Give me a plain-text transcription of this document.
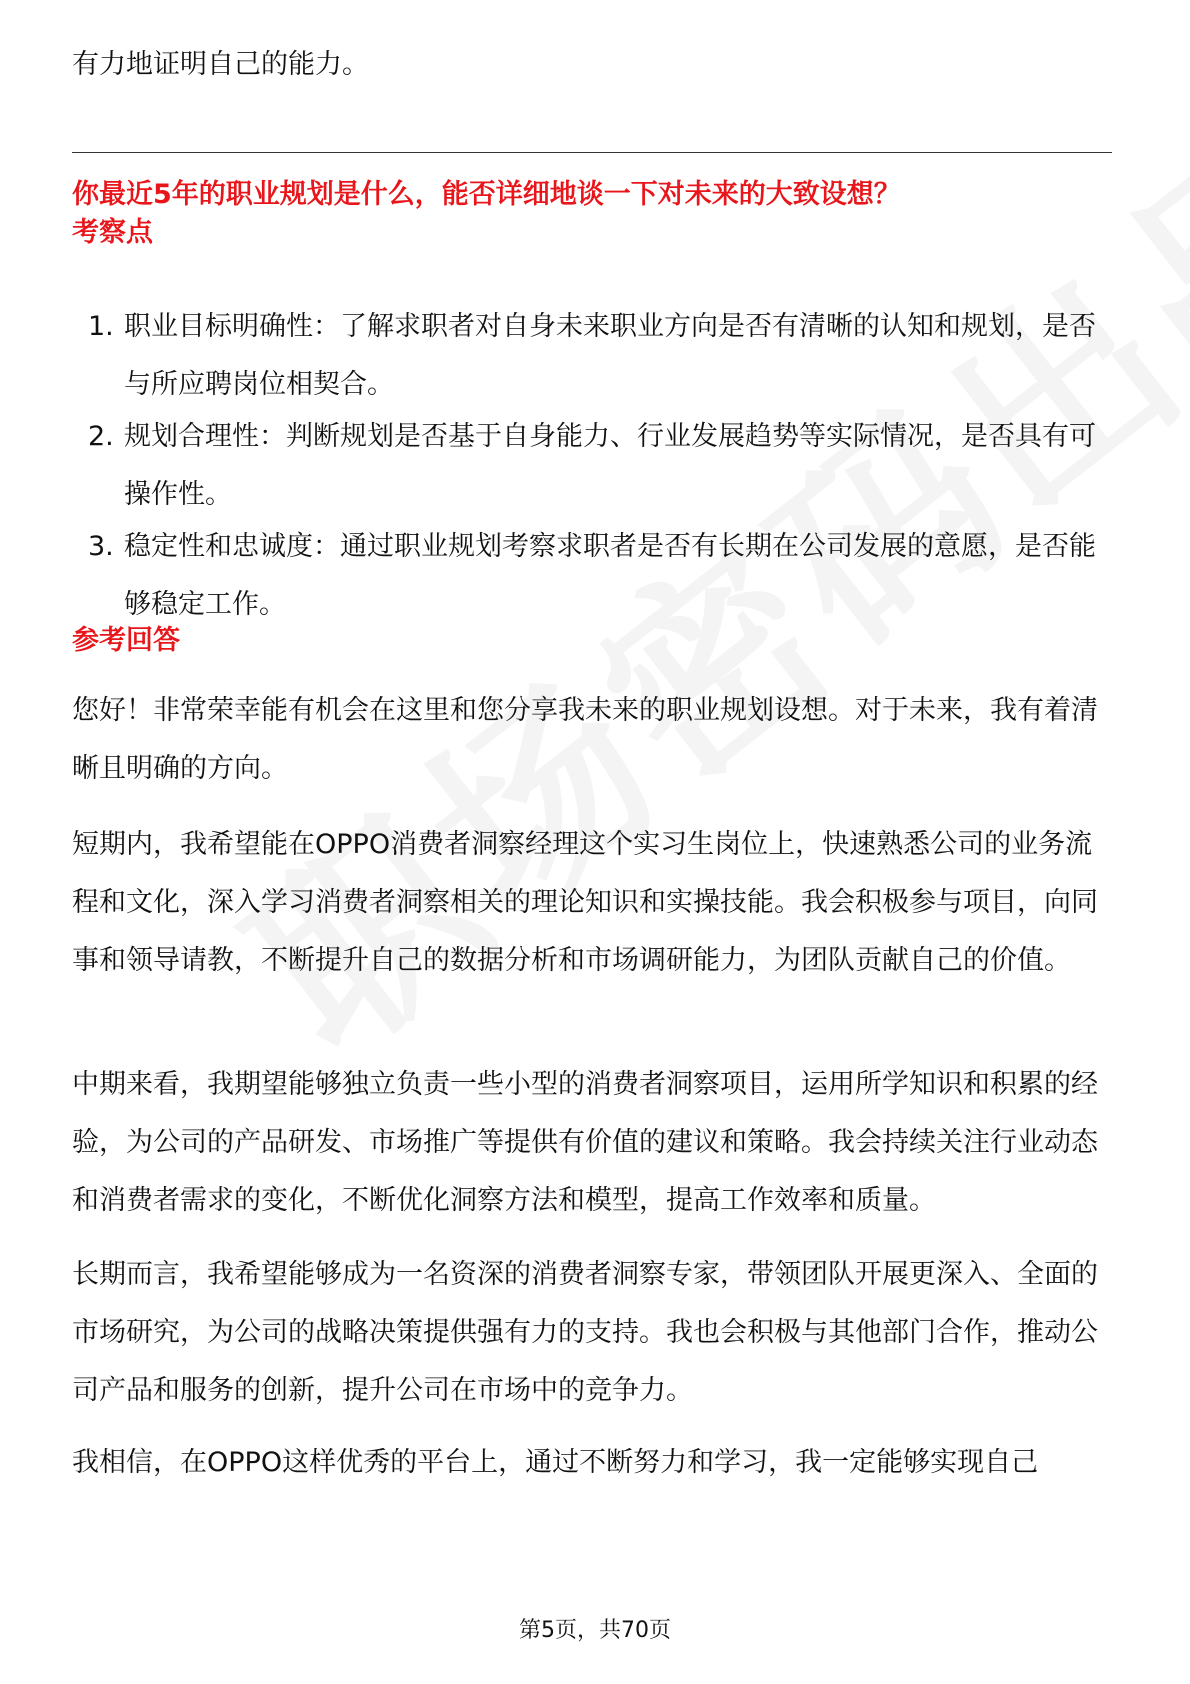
有力地证明自己的能力。

你最近5年的职业规划是什么，能否详细地谈一下对未来的大致设想？

考察点

1. 职业目标明确性：了解求职者对自身未来职业方向是否有清晰的认知和规划，是否与所应聘岗位相契合。
2. 规划合理性：判断规划是否基于自身能力、行业发展趋势等实际情况，是否具有可操作性。
3. 稳定性和忠诚度：通过职业规划考察求职者是否有长期在公司发展的意愿，是否能够稳定工作。

参考回答

您好！非常荣幸能有机会在这里和您分享我未来的职业规划设想。对于未来，我有着清晰且明确的方向。

短期内，我希望能在OPPO消费者洞察经理这个实习生岗位上，快速熟悉公司的业务流程和文化，深入学习消费者洞察相关的理论知识和实操技能。我会积极参与项目，向同事和领导请教，不断提升自己的数据分析和市场调研能力，为团队贡献自己的价值。

中期来看，我期望能够独立负责一些小型的消费者洞察项目，运用所学知识和积累的经验，为公司的产品研发、市场推广等提供有价值的建议和策略。我会持续关注行业动态和消费者需求的变化，不断优化洞察方法和模型，提高工作效率和质量。

长期而言，我希望能够成为一名资深的消费者洞察专家，带领团队开展更深入、全面的市场研究，为公司的战略决策提供强有力的支持。我也会积极与其他部门合作，推动公司产品和服务的创新，提升公司在市场中的竞争力。

我相信，在OPPO这样优秀的平台上，通过不断努力和学习，我一定能够实现自己

第5页，共70页
